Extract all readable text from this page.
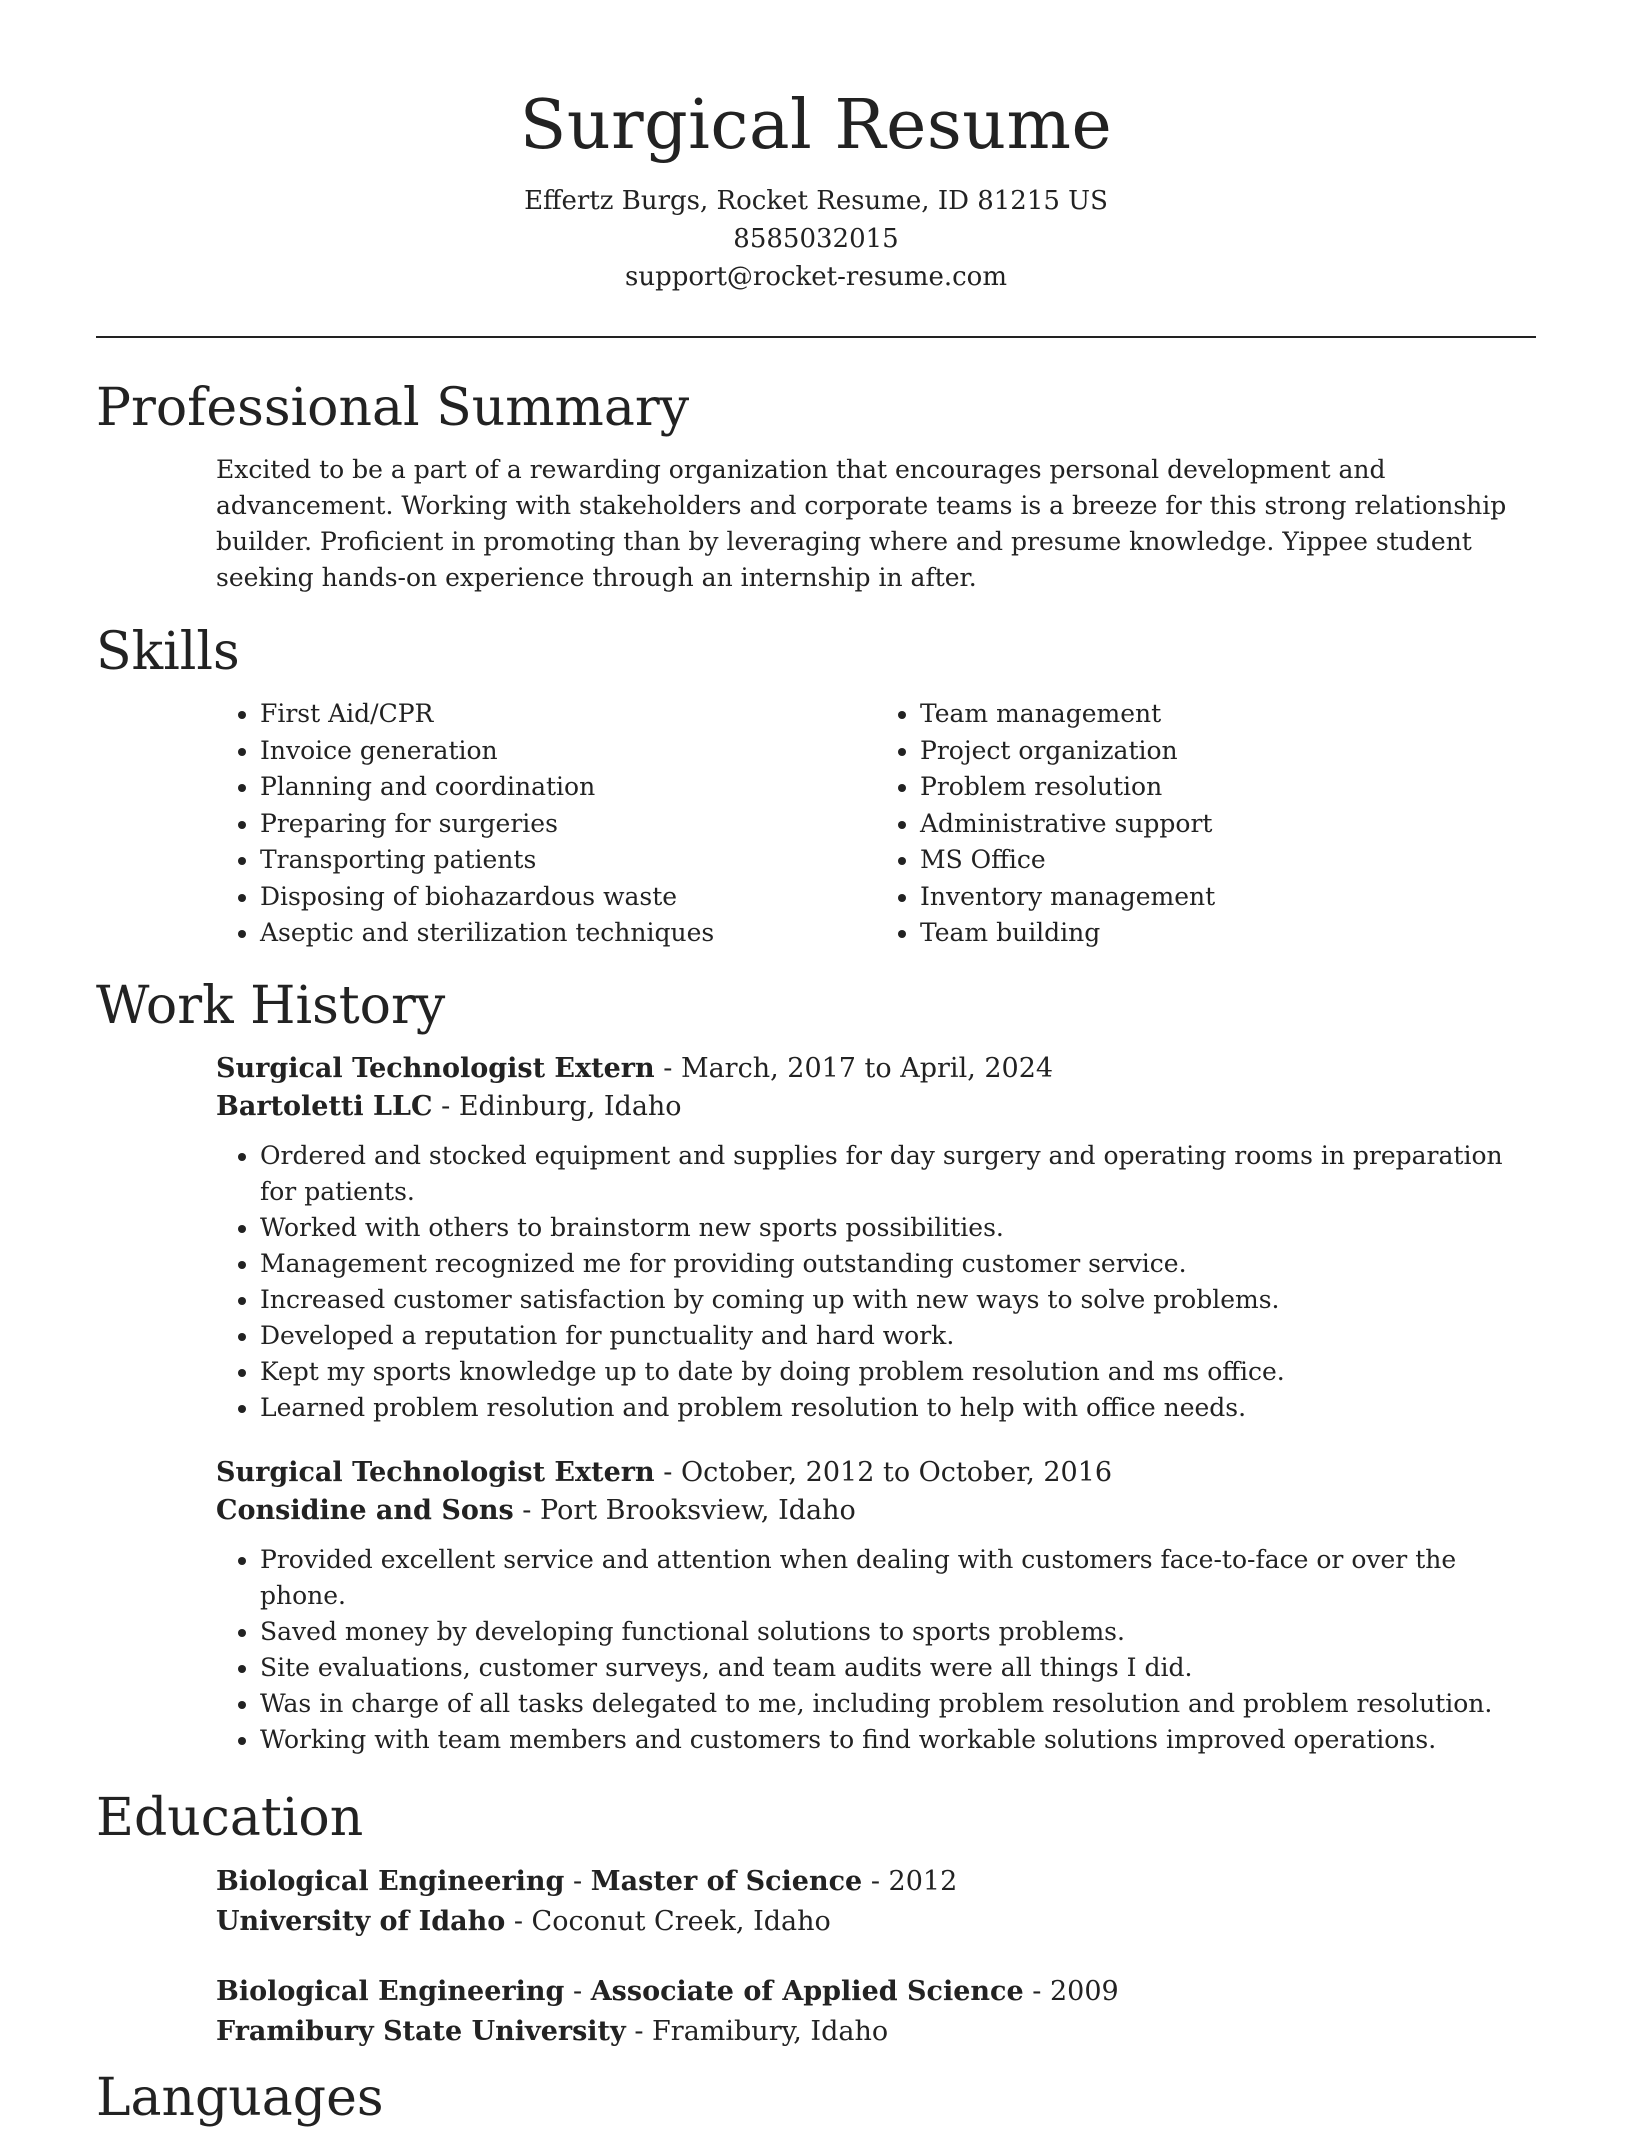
Surgical Resume
Effertz Burgs, Rocket Resume, ID 81215 US
8585032015
support@rocket-resume.com
Professional Summary

Excited to be a part of a rewarding organization that encourages personal development and advancement. Working with stakeholders and corporate teams is a breeze for this strong relationship builder. Proficient in promoting than by leveraging where and presume knowledge. Yippee student seeking hands-on experience through an internship in after.

Skills
• First Aid/CPR
• Invoice generation
• Planning and coordination
• Preparing for surgeries
• Transporting patients
• Disposing of biohazardous waste
• Aseptic and sterilization techniques
• Team management
• Project organization
• Problem resolution
• Administrative support
• MS Office
• Inventory management
• Team building
Work History
Surgical Technologist Extern - March, 2017 to April, 2024
Bartoletti LLC - Edinburg, Idaho
• Ordered and stocked equipment and supplies for day surgery and operating rooms in preparation for patients.
• Worked with others to brainstorm new sports possibilities.
• Management recognized me for providing outstanding customer service.
• Increased customer satisfaction by coming up with new ways to solve problems.
• Developed a reputation for punctuality and hard work.
• Kept my sports knowledge up to date by doing problem resolution and ms office.
• Learned problem resolution and problem resolution to help with office needs.
Surgical Technologist Extern - October, 2012 to October, 2016
Considine and Sons - Port Brooksview, Idaho
• Provided excellent service and attention when dealing with customers face-to-face or over the phone.
• Saved money by developing functional solutions to sports problems.
• Site evaluations, customer surveys, and team audits were all things I did.
• Was in charge of all tasks delegated to me, including problem resolution and problem resolution.
• Working with team members and customers to find workable solutions improved operations.
Education
Biological Engineering - Master of Science - 2012
University of Idaho - Coconut Creek, Idaho
Biological Engineering - Associate of Applied Science - 2009
Framibury State University - Framibury, Idaho
Languages
